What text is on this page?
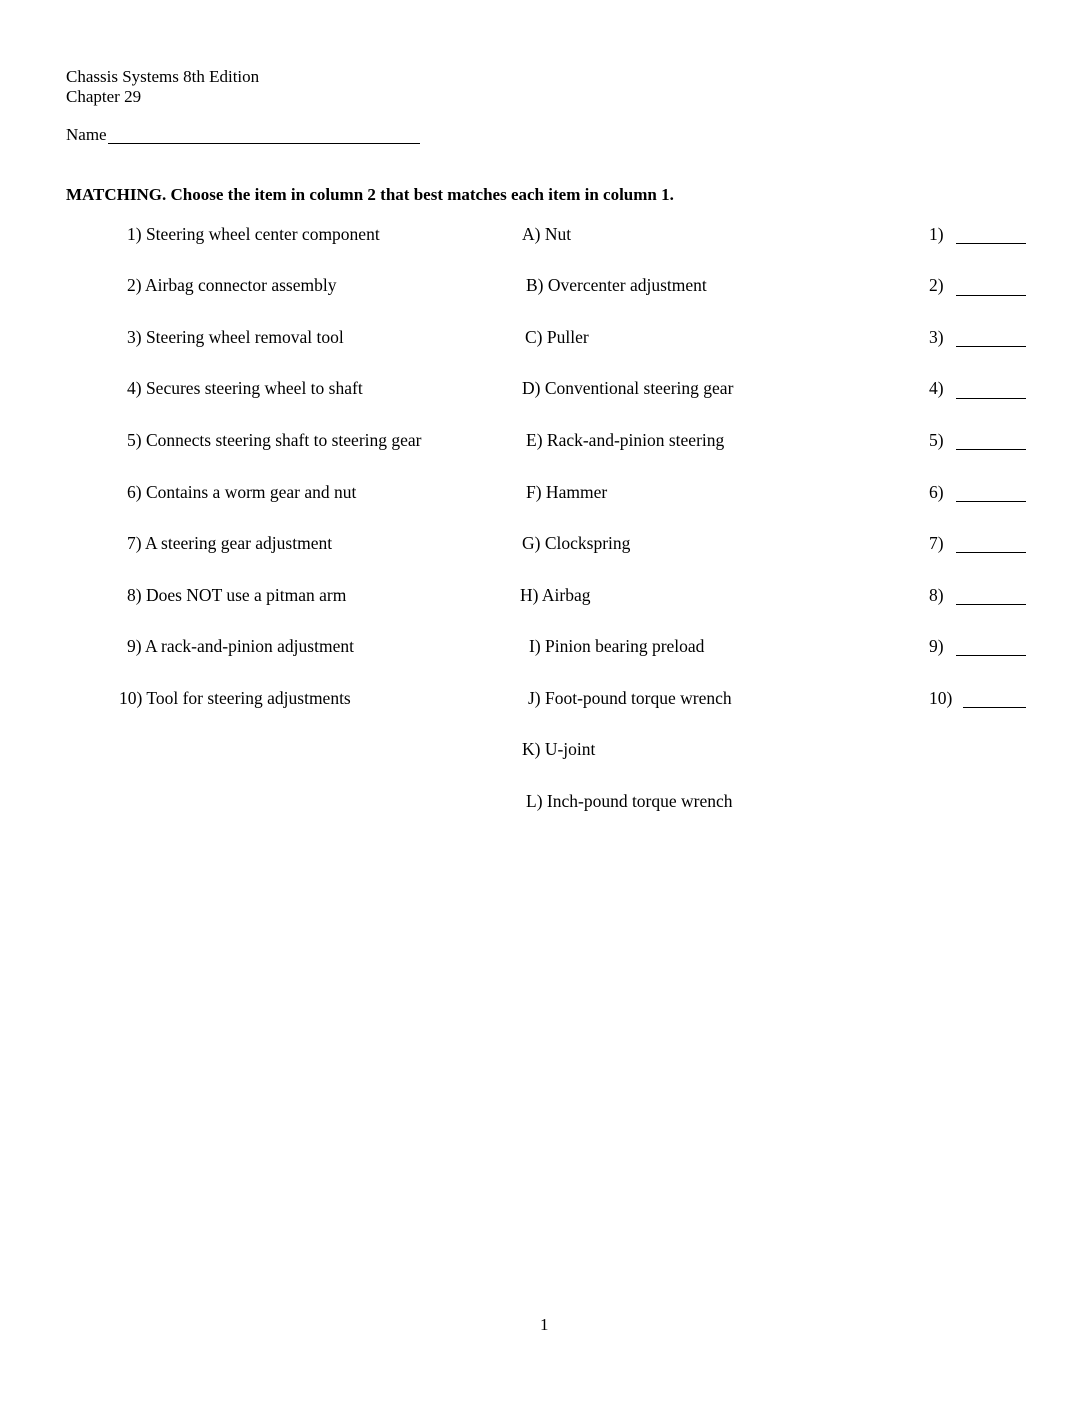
Chassis Systems 8th Edition
Chapter 29
Name
MATCHING. Choose the item in column 2 that best matches each item in column 1.
1) Steering wheel center component
2) Airbag connector assembly
3) Steering wheel removal tool
4) Secures steering wheel to shaft
5) Connects steering shaft to steering gear
6) Contains a worm gear and nut
7) A steering gear adjustment
8) Does NOT use a pitman arm
9) A rack-and-pinion adjustment
10) Tool for steering adjustments
A) Nut
B) Overcenter adjustment
C) Puller
D) Conventional steering gear
E) Rack-and-pinion steering
F) Hammer
G) Clockspring
H) Airbag
I) Pinion bearing preload
J) Foot-pound torque wrench
K) U-joint
L) Inch-pound torque wrench
1)
2)
3)
4)
5)
6)
7)
8)
9)
10)
1
